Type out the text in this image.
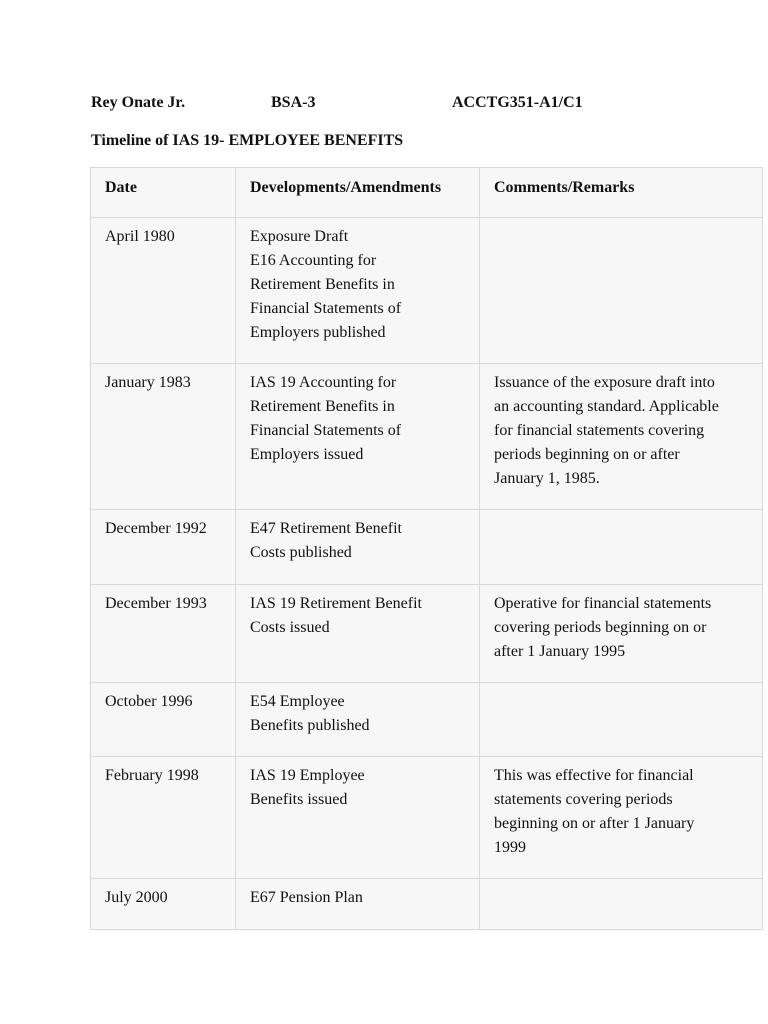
Rey Onate Jr.	BSA-3	ACCTG351-A1/C1
Timeline of IAS 19- EMPLOYEE BENEFITS
Date	Developments/Amendments	Comments/Remarks
April 1980	Exposure Draft
E16 Accounting for
Retirement Benefits in
Financial Statements of
Employers published	
January 1983	IAS 19 Accounting for
Retirement Benefits in
Financial Statements of
Employers issued	Issuance of the exposure draft into
an accounting standard. Applicable
for financial statements covering
periods beginning on or after
January 1, 1985.
December 1992	E47 Retirement Benefit
Costs published	
December 1993	IAS 19 Retirement Benefit
Costs issued	Operative for financial statements
covering periods beginning on or
after 1 January 1995
October 1996	E54 Employee
Benefits published	
February 1998	IAS 19 Employee
Benefits issued	This was effective for financial
statements covering periods
beginning on or after 1 January
1999
July 2000	E67 Pension Plan	
